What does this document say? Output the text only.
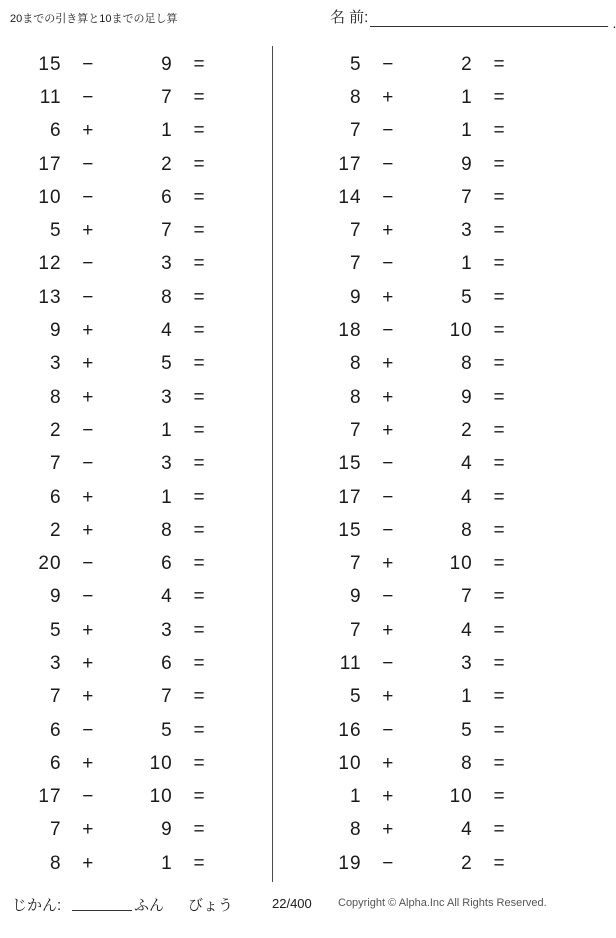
20までの引き算と10までの足し算	名 前:	.
15	−	9	=
11	−	7	=
6	+	1	=
17	−	2	=
10	−	6	=
5	+	7	=
12	−	3	=
13	−	8	=
9	+	4	=
3	+	5	=
8	+	3	=
2	−	1	=
7	−	3	=
6	+	1	=
2	+	8	=
20	−	6	=
9	−	4	=
5	+	3	=
3	+	6	=
7	+	7	=
6	−	5	=
6	+	10	=
17	−	10	=
7	+	9	=
8	+	1	=
5	−	2	=
8	+	1	=
7	−	1	=
17	−	9	=
14	−	7	=
7	+	3	=
7	−	1	=
9	+	5	=
18	−	10	=
8	+	8	=
8	+	9	=
7	+	2	=
15	−	4	=
17	−	4	=
15	−	8	=
7	+	10	=
9	−	7	=
7	+	4	=
11	−	3	=
5	+	1	=
16	−	5	=
10	+	8	=
1	+	10	=
8	+	4	=
19	−	2	=
じかん:	ふん びょう	22/400 Copyright © Alpha.Inc All Rights Reserved.
